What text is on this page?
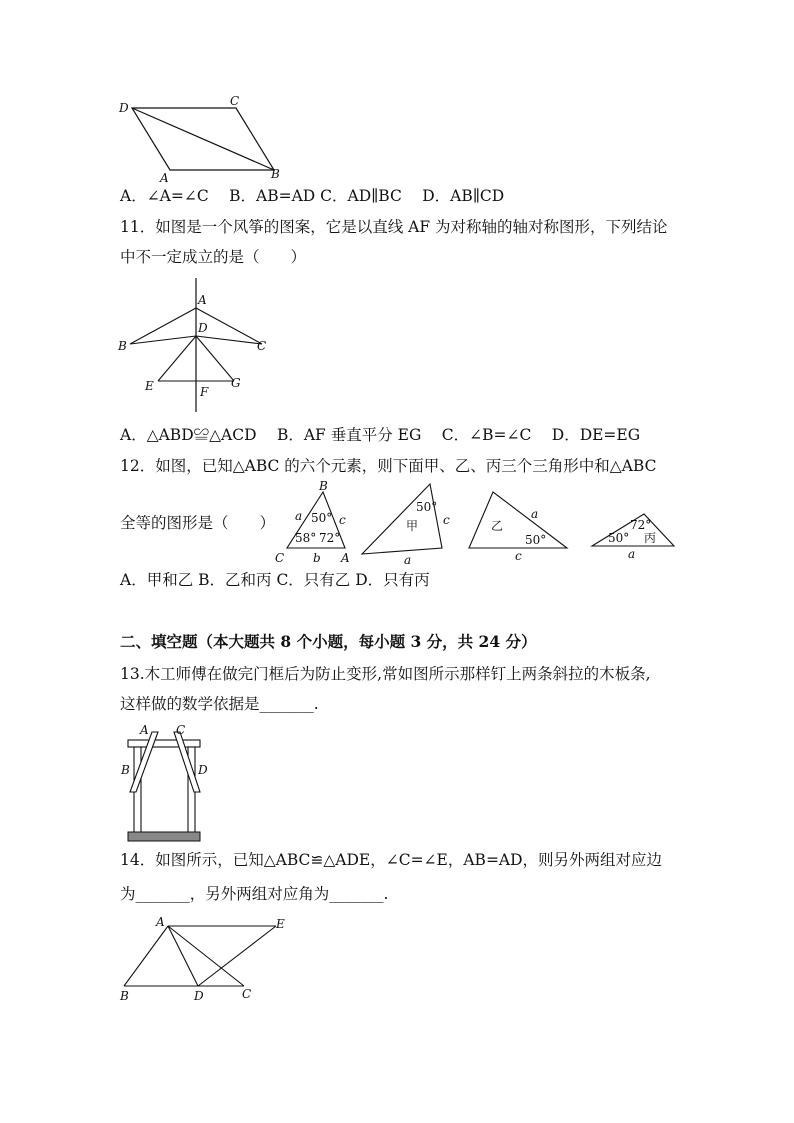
D	C
A	B
A．∠A=∠C　 B．AB=AD C．AD∥BC　 D．AB∥CD
11．如图是一个风筝的图案，它是以直线 AF 为对称轴的轴对称图形，下列结论
中不一定成立的是（　　）
A
D
B	C
E	G
F
A．△ABD≌△ACD　 B．AF 垂直平分 EG　 C．∠B=∠C　 D．DE=EG
12．如图，已知△ABC 的六个元素，则下面甲、乙、丙三个三角形中和△ABC
全等的图形是（　　）
B
C	A
a	c
b
50°
58° 72°
50°
甲 c
a
乙
50°
a
c
72°
50° 丙
a
A．甲和乙 B．乙和丙 C．只有乙 D．只有丙
二、填空题（本大题共 8 个小题，每小题 3 分，共 24 分）
13.木工师傅在做完门框后为防止变形,常如图所示那样钉上两条斜拉的木板条,
这样做的数学依据是_______.
A C
B	D
14．如图所示，已知△ABC≌△ADE，∠C=∠E，AB=AD，则另外两组对应边
为_______，另外两组对应角为_______.
A	E
B	D	C
